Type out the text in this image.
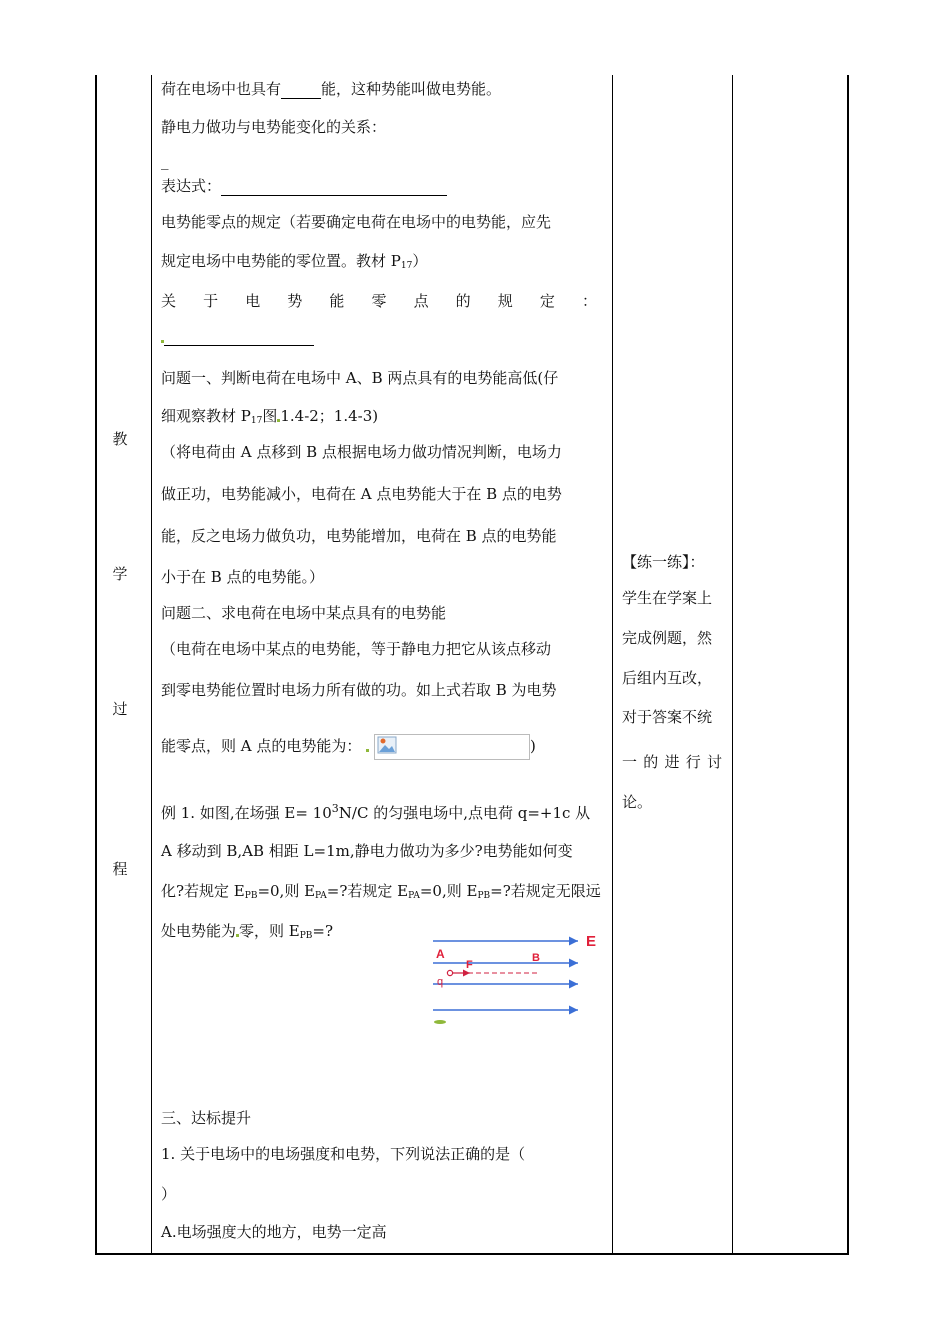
教
学
过
程
荷在电场中也具有	能，这种势能叫做电势能。
静电力做功与电势能变化的关系：
_
表达式：
电势能零点的规定（若要确定电荷在电场中的电势能，应先
规定电场中电势能的零位置。教材 $P_{17}$）
关 于 电 势 能 零 点 的 规 定 ：

问题一、判断电荷在电场中 A、B 两点具有的电势能高低(仔
细观察教材 $P_{17}$图 1.4-2；1.4-3)
（将电荷由 A 点移到 B 点根据电场力做功情况判断，电场力
做正功，电势能减小，电荷在 A 点电势能大于在 B 点的电势
能，反之电场力做负功，电势能增加，电荷在 B 点的电势能
小于在 B 点的电势能。）
问题二、求电荷在电场中某点具有的电势能
（电荷在电场中某点的电势能，等于静电力把它从该点移动
到零电势能位置时电场力所有做的功。如上式若取 B 为电势
能零点，则 A 点的电势能为：	)
例 1. 如图,在场强 $E= 10^3N/C$ 的匀强电场中,点电荷 q=+1c 从
A 移动到 B,AB 相距 L=1m,静电力做功为多少?电势能如何变
化?若规定 $E_{PB}=0$,则 $E_{PA}=$?若规定 $E_{PA}=0$,则 $E_{PB}=$?若规定无限远
处电势能为 零，则 $E_{PB}=$?
三、达标提升
1. 关于电场中的电场强度和电势，下列说法正确的是（
）
A.电场强度大的地方，电势一定高
【练一练】：
学生在学案上
完成例题，然
后组内互改，
对于答案不统
一 的 进 行 讨
论。
A	B
E
F
q
